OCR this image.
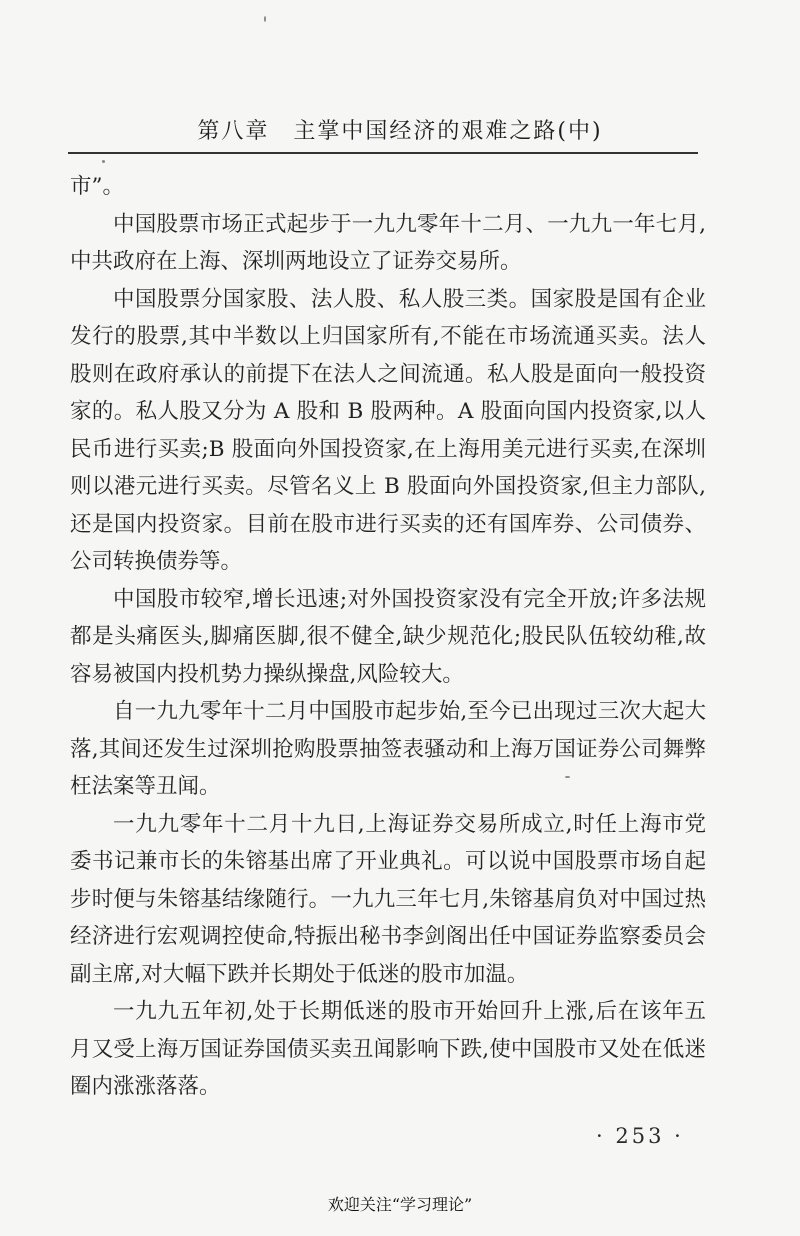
第八章　主掌中国经济的艰难之路(中)

市”。

中国股票市场正式起步于一九九零年十二月、一九九一年七月,中共政府在上海、深圳两地设立了证券交易所。

中国股票分国家股、法人股、私人股三类。国家股是国有企业发行的股票,其中半数以上归国家所有,不能在市场流通买卖。法人股则在政府承认的前提下在法人之间流通。私人股是面向一般投资家的。私人股又分为 A 股和 B 股两种。A 股面向国内投资家,以人民币进行买卖;B 股面向外国投资家,在上海用美元进行买卖,在深圳则以港元进行买卖。尽管名义上 B 股面向外国投资家,但主力部队,还是国内投资家。目前在股市进行买卖的还有国库券、公司债券、公司转换债券等。

中国股市较窄,增长迅速;对外国投资家没有完全开放;许多法规都是头痛医头,脚痛医脚,很不健全,缺少规范化;股民队伍较幼稚,故容易被国内投机势力操纵操盘,风险较大。

自一九九零年十二月中国股市起步始,至今已出现过三次大起大落,其间还发生过深圳抢购股票抽签表骚动和上海万国证券公司舞弊枉法案等丑闻。

一九九零年十二月十九日,上海证券交易所成立,时任上海市党委书记兼市长的朱镕基出席了开业典礼。可以说中国股票市场自起步时便与朱镕基结缘随行。一九九三年七月,朱镕基肩负对中国过热经济进行宏观调控使命,特振出秘书李剑阁出任中国证券监察委员会副主席,对大幅下跌并长期处于低迷的股市加温。

一九九五年初,处于长期低迷的股市开始回升上涨,后在该年五月又受上海万国证券国债买卖丑闻影响下跌,使中国股市又处在低迷圈内涨涨落落。

· 253 ·
欢迎关注“学习理论”
